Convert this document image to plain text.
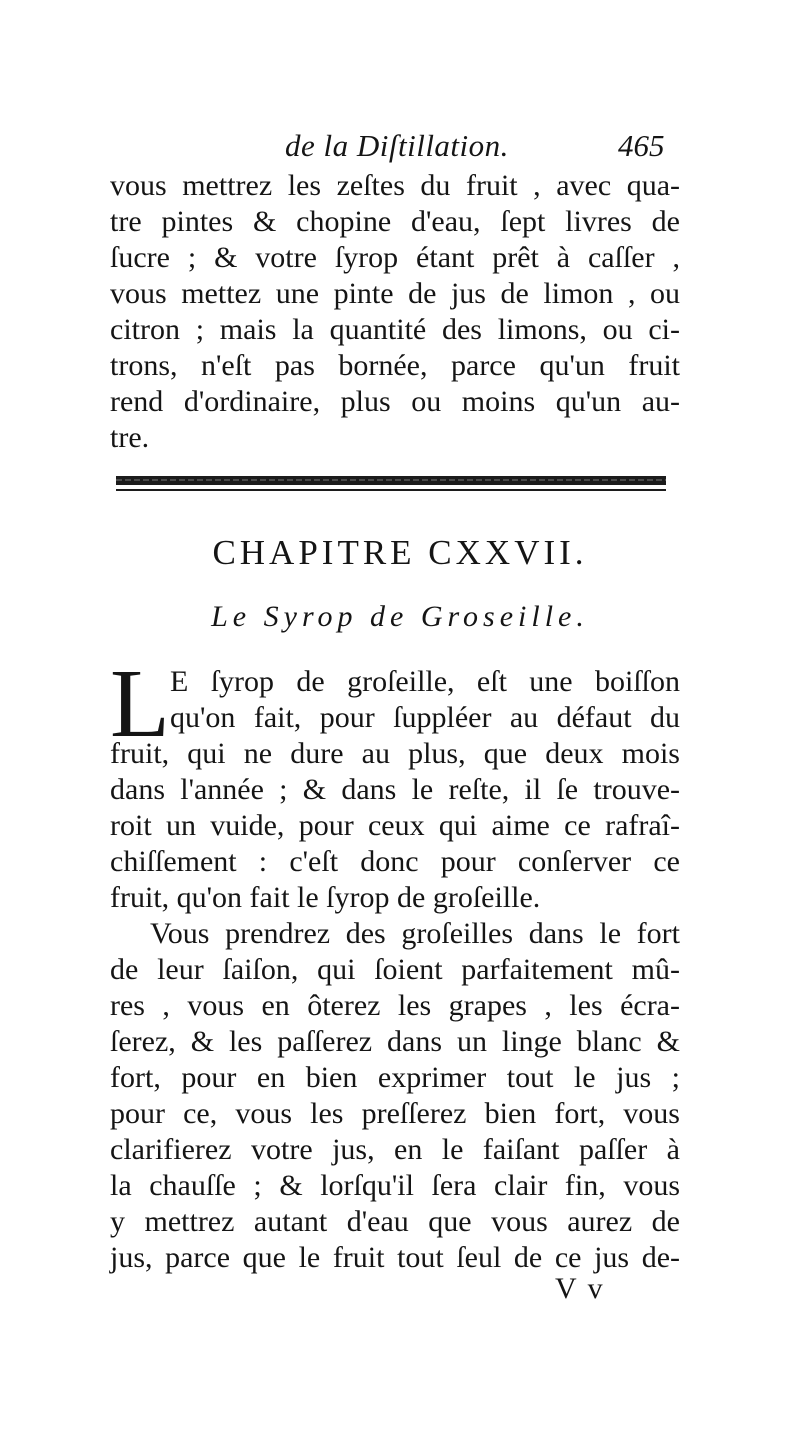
de la Diſtillation.	465
vous mettrez les zeſtes du fruit , avec qua-
tre pintes & chopine d'eau, ſept livres de
ſucre ; & votre ſyrop étant prêt à caſſer ,
vous mettez une pinte de jus de limon , ou
citron ; mais la quantité des limons, ou ci-
trons, n'eſt pas bornée, parce qu'un fruit
rend d'ordinaire, plus ou moins qu'un au-
tre.
CHAPITRE CXXVII.
Le Syrop de Groseille.
L E ſyrop de groſeille, eſt une boiſſon
qu'on fait, pour ſuppléer au défaut du
fruit, qui ne dure au plus, que deux mois
dans l'année ; & dans le reſte, il ſe trouve-
roit un vuide, pour ceux qui aime ce rafraî-
chiſſement : c'eſt donc pour conſerver ce
fruit, qu'on fait le ſyrop de groſeille.
Vous prendrez des groſeilles dans le fort
de leur ſaiſon, qui ſoient parfaitement mû-
res , vous en ôterez les grapes , les écra-
ſerez, & les paſſerez dans un linge blanc &
fort, pour en bien exprimer tout le jus ;
pour ce, vous les preſſerez bien fort, vous
clarifierez votre jus, en le faiſant paſſer à
la chauſſe ; & lorſqu'il ſera clair fin, vous
y mettrez autant d'eau que vous aurez de
jus, parce que le fruit tout ſeul de ce jus de-
V v
